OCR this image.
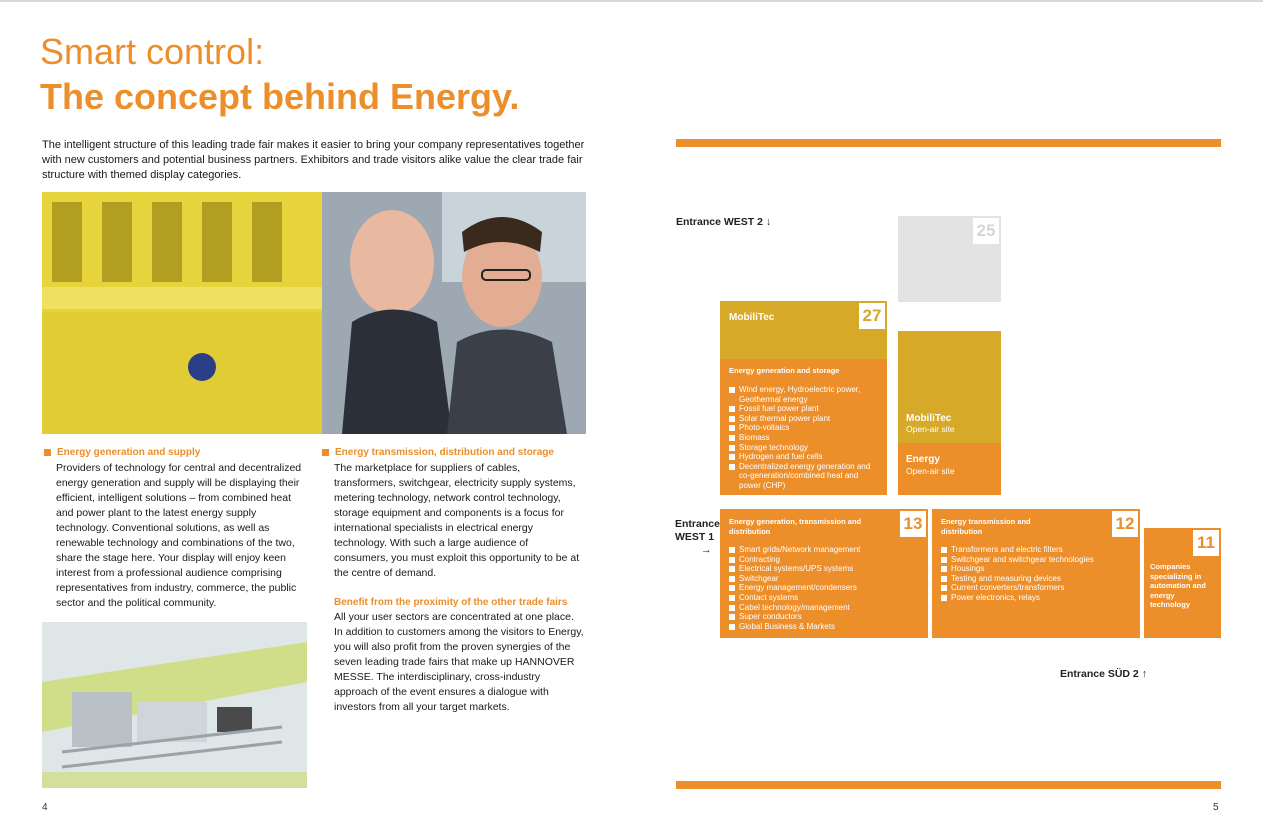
Smart control:
The concept behind Energy.
The intelligent structure of this leading trade fair makes it easier to bring your company representatives together with new customers and potential business partners. Exhibitors and trade visitors alike value the clear trade fair structure with themed display categories.
Energy generation and supply
Providers of technology for central and decentralized energy generation and supply will be displaying their efficient, intelligent solutions – from combined heat and power plant to the latest energy supply technology. Conventional solutions, as well as renewable technology and combinations of the two, share the stage here. Your display will enjoy keen interest from a professional audience comprising representatives from industry, commerce, the public sector and the political community.
Energy transmission, distribution and storage
The marketplace for suppliers of cables, transformers, switchgear, electricity supply systems, metering technology, network control technology, storage equipment and components is a focus for international specialists in electrical energy technology. With such a large audience of consumers, you must exploit this opportunity to be at the centre of demand.
Benefit from the proximity of the other trade fairs
All your user sectors are concentrated at one place. In addition to customers among the visitors to Energy, you will also profit from the proven synergies of the seven leading trade fairs that make up HANNOVER MESSE. The interdisciplinary, cross-industry approach of the event ensures a dialogue with investors from all your target markets.
4
Entrance WEST 2 ↓
Entrance
WEST 1
→
Entrance SÜD 2 ↑
25
MobiliTec	27
Energy generation and storage
Wind energy, Hydroelectric power, Geothermal energy
Fossil fuel power plant
Solar thermal power plant
Photo-voltaics
Biomass
Storage technology
Hydrogen and fuel cells
Decentralized energy generation and co-generation/combined heat and power (CHP)
MobiliTec
Open-air site
Energy
Open-air site
Energy generation, transmission and distribution	13
Smart grids/Network management
Contracting
Electrical systems/UPS systems
Switchgear
Energy management/condensers
Contact systems
Cabel technology/management
Super conductors
Global Business & Markets
Energy transmission and distribution	12
Transformers and electric filters
Switchgear and switchgear technologies
Housings
Testing and measuring devices
Current converters/transformers
Power electronics, relays
11
Companies specializing in automation and energy technology
5
